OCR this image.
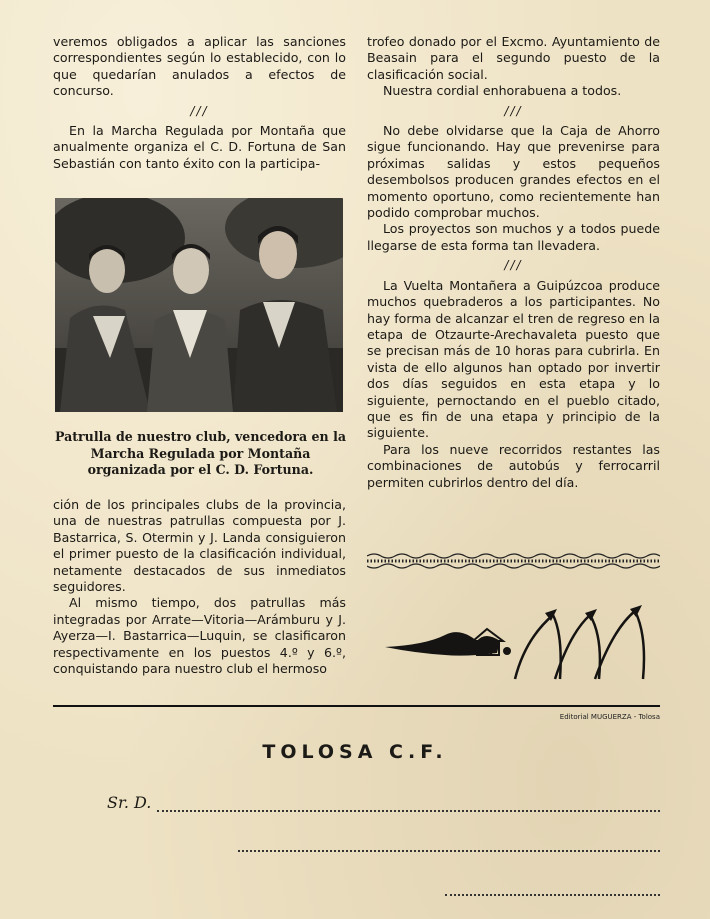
veremos obligados a aplicar las sanciones correspondientes según lo establecido, con lo que quedarían anulados a efectos de concurso.

///

En la Marcha Regulada por Montaña que anualmente organiza el C. D. Fortuna de San Sebastián con tanto éxito con la participa-

Patrulla de nuestro club, vencedora en la Marcha Regulada por Montaña organizada por el C. D. Fortuna.

ción de los principales clubs de la provincia, una de nuestras patrullas compuesta por J. Bastarrica, S. Otermin y J. Landa consiguieron el primer puesto de la clasificación individual, netamente destacados de sus inmediatos seguidores.

Al mismo tiempo, dos patrullas más integradas por Arrate—Vitoria—Arámburu y J. Ayerza—I. Bastarrica—Luquin, se clasificaron respectivamente en los puestos 4.º y 6.º, conquistando para nuestro club el hermoso

trofeo donado por el Excmo. Ayuntamiento de Beasain para el segundo puesto de la clasificación social.

Nuestra cordial enhorabuena a todos.

///

No debe olvidarse que la Caja de Ahorro sigue funcionando. Hay que prevenirse para próximas salidas y estos pequeños desembolsos producen grandes efectos en el momento oportuno, como recientemente han podido comprobar muchos.

Los proyectos son muchos y a todos puede llegarse de esta forma tan llevadera.

///

La Vuelta Montañera a Guipúzcoa produce muchos quebraderos a los participantes. No hay forma de alcanzar el tren de regreso en la etapa de Otzaurte-Arechavaleta puesto que se precisan más de 10 horas para cubrirla. En vista de ello algunos han optado por invertir dos días seguidos en esta etapa y lo siguiente, pernoctando en el pueblo citado, que es fin de una etapa y principio de la siguiente.

Para los nueve recorridos restantes las combinaciones de autobús y ferrocarril permiten cubrirlos dentro del día.

Editorial MUGUERZA - Tolosa
TOLOSA C.F.
Sr. D.
